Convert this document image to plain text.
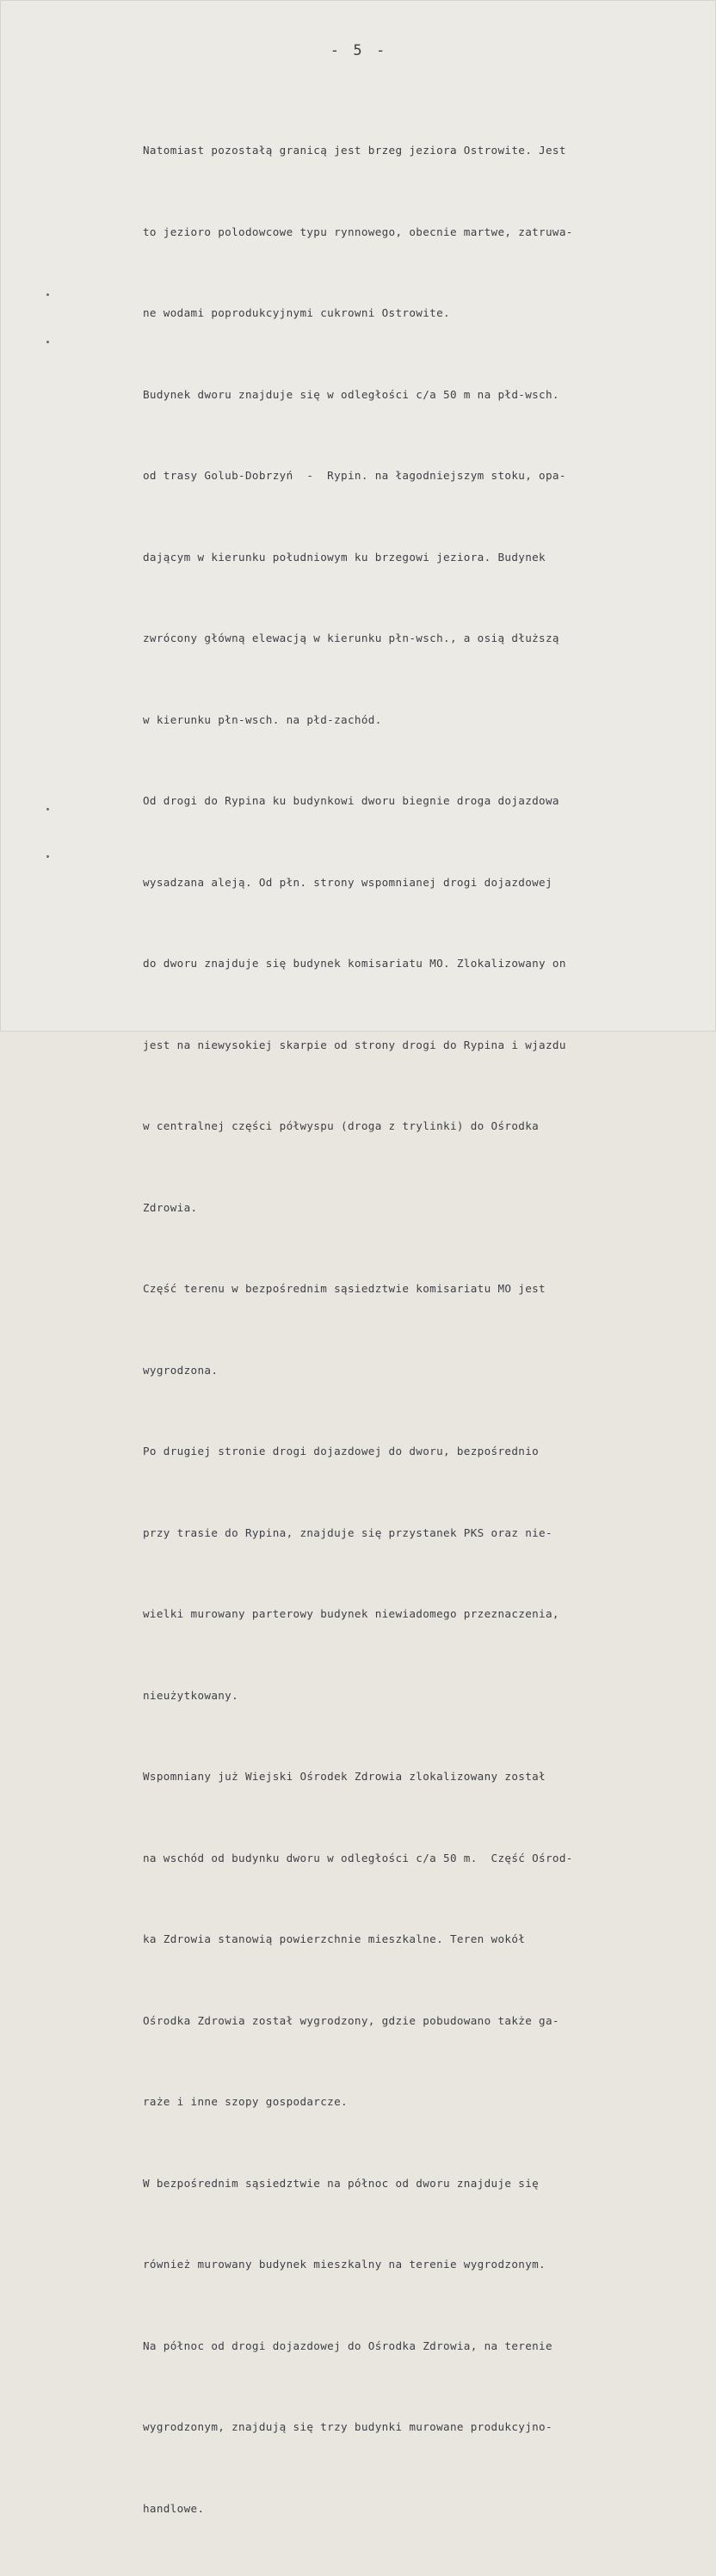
- 5 -

Natomiast pozostałą granicą jest brzeg jeziora Ostrowite. Jest

to jezioro polodowcowe typu rynnowego, obecnie martwe, zatruwa-

ne wodami poprodukcyjnymi cukrowni Ostrowite.

Budynek dworu znajduje się w odległości c/a 50 m na płd-wsch.

od trasy Golub-Dobrzyń  -  Rypin. na łagodniejszym stoku, opa-

dającym w kierunku południowym ku brzegowi jeziora. Budynek

zwrócony główną elewacją w kierunku płn-wsch., a osią dłuższą

w kierunku płn-wsch. na płd-zachód.

Od drogi do Rypina ku budynkowi dworu biegnie droga dojazdowa

wysadzana aleją. Od płn. strony wspomnianej drogi dojazdowej

do dworu znajduje się budynek komisariatu MO. Zlokalizowany on

jest na niewysokiej skarpie od strony drogi do Rypina i wjazdu

w centralnej części półwyspu (droga z trylinki) do Ośrodka

Zdrowia.

Część terenu w bezpośrednim sąsiedztwie komisariatu MO jest

wygrodzona.

Po drugiej stronie drogi dojazdowej do dworu, bezpośrednio

przy trasie do Rypina, znajduje się przystanek PKS oraz nie-

wielki murowany parterowy budynek niewiadomego przeznaczenia,

nieużytkowany.

Wspomniany już Wiejski Ośrodek Zdrowia zlokalizowany został

na wschód od budynku dworu w odległości c/a 50 m.  Część Ośrod-

ka Zdrowia stanowią powierzchnie mieszkalne. Teren wokół

Ośrodka Zdrowia został wygrodzony, gdzie pobudowano także ga-

raże i inne szopy gospodarcze.

W bezpośrednim sąsiedztwie na północ od dworu znajduje się

również murowany budynek mieszkalny na terenie wygrodzonym.

Na północ od drogi dojazdowej do Ośrodka Zdrowia, na terenie

wygrodzonym, znajdują się trzy budynki murowane produkcyjno-

handlowe.
